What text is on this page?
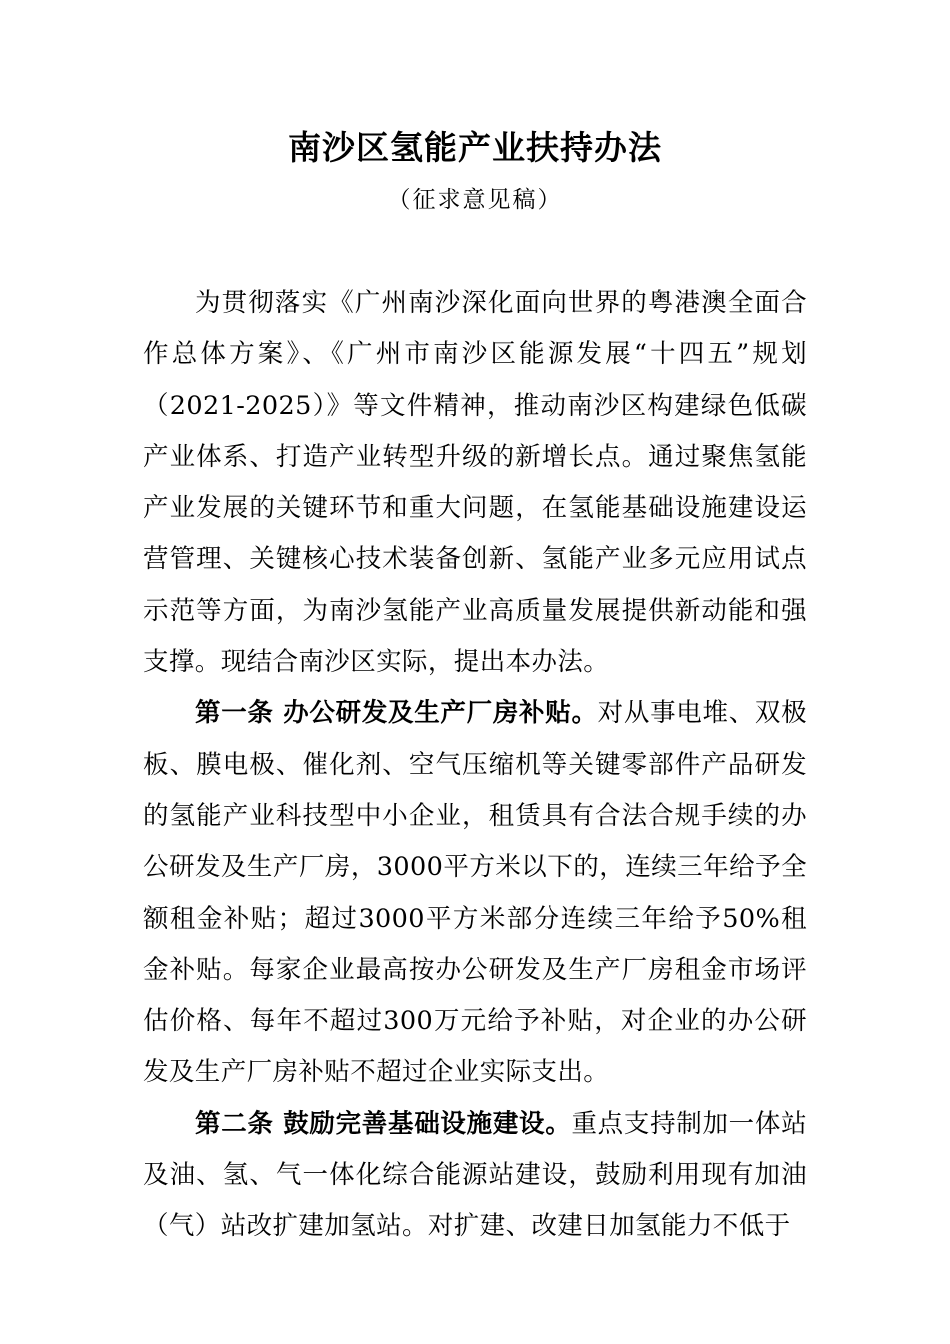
南沙区氢能产业扶持办法
（征求意见稿）

为贯彻落实《广州南沙深化面向世界的粤港澳全面合作总体方案》、《广州市南沙区能源发展“十四五”规划（2021-2025）》等文件精神，推动南沙区构建绿色低碳产业体系、打造产业转型升级的新增长点。通过聚焦氢能产业发展的关键环节和重大问题，在氢能基础设施建设运营管理、关键核心技术装备创新、氢能产业多元应用试点示范等方面，为南沙氢能产业高质量发展提供新动能和强支撑。现结合南沙区实际，提出本办法。

第一条 办公研发及生产厂房补贴。对从事电堆、双极板、膜电极、催化剂、空气压缩机等关键零部件产品研发的氢能产业科技型中小企业，租赁具有合法合规手续的办公研发及生产厂房，3000平方米以下的，连续三年给予全额租金补贴；超过3000平方米部分连续三年给予50%租金补贴。每家企业最高按办公研发及生产厂房租金市场评估价格、每年不超过300万元给予补贴，对企业的办公研发及生产厂房补贴不超过企业实际支出。

第二条 鼓励完善基础设施建设。重点支持制加一体站及油、氢、气一体化综合能源站建设，鼓励利用现有加油（气）站改扩建加氢站。对扩建、改建日加氢能力不低于
